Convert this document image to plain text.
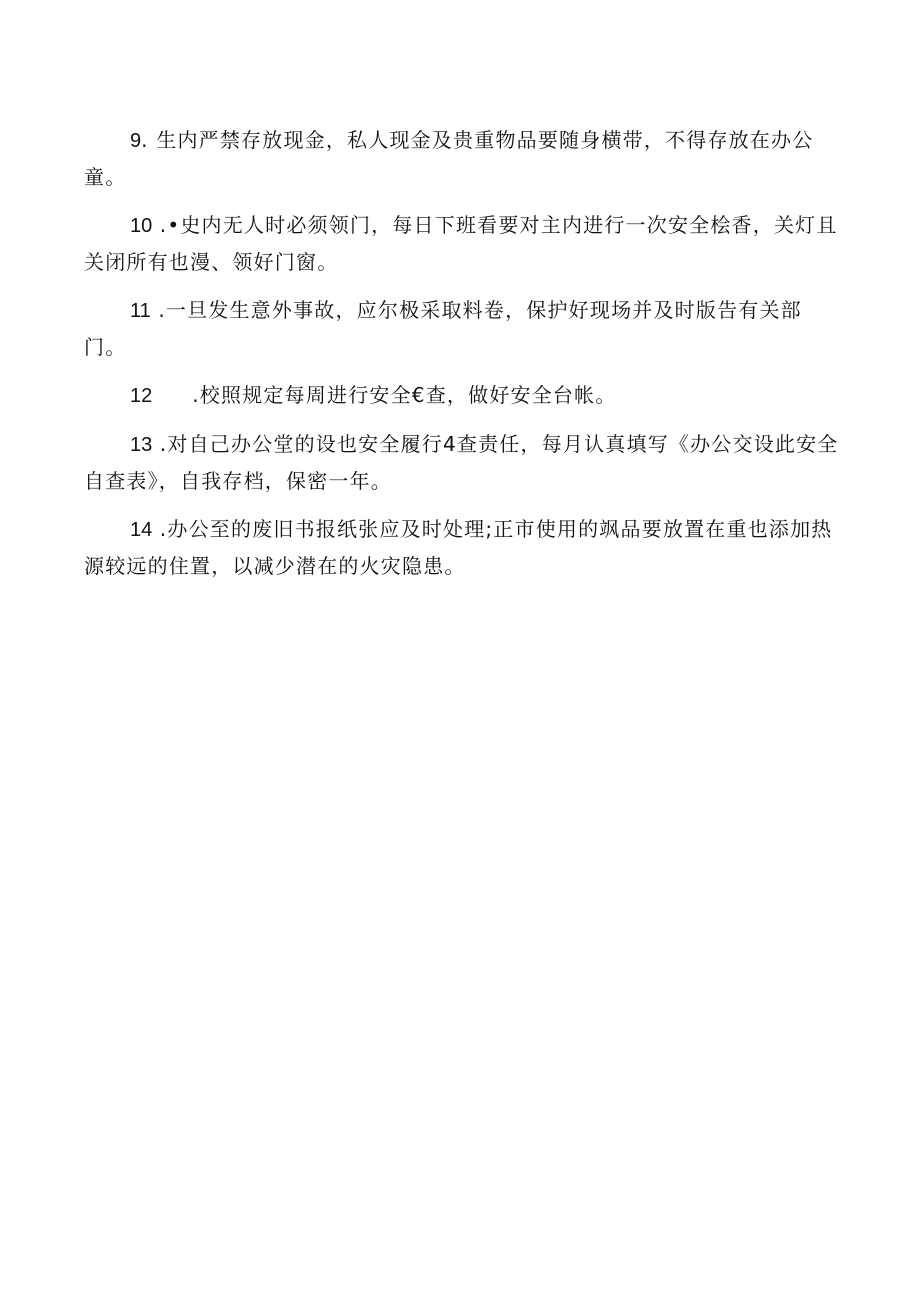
9. 生内严禁存放现金，私人现金及贵重物品要随身横带，不得存放在办公童。

10 .•史内无人时必须领门，每日下班看要对主内进行一次安全桧香，关灯且关闭所有也漫、领好门窗。

11 .一旦发生意外事故，应尔极采取料卷，保护好现场并及时版告有关部门。

12 .校照规定每周进行安全€查，做好安全台帐。

13 .对自己办公堂的设也安全履行4查责任，每月认真填写《办公交设此安全自查表》，自我存档，保密一年。

14 .办公至的废旧书报纸张应及时处理;正市使用的飒品要放置在重也添加热源较远的住置，以减少潜在的火灾隐患。
